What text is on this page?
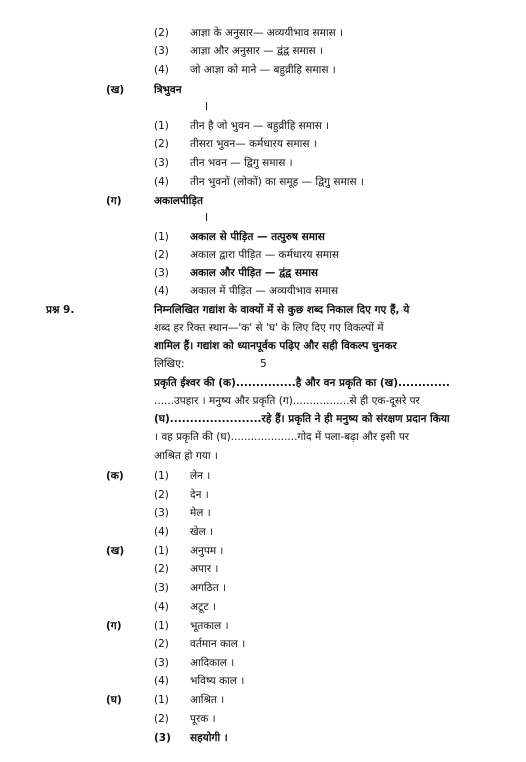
(2) आज्ञा के अनुसार— अव्ययीभाव समास ।
(3) आज्ञा और अनुसार — द्वंद्व समास ।
(4) जो आज्ञा को माने — बहुव्रीहि समास ।
(ख)	त्रिभुवन
I
(1) तीन है जो भुवन — बहुव्रीहि समास ।
(2) तीसरा भुवन— कर्मधारय समास ।
(3) तीन भवन — द्विगु समास ।
(4) तीन भुवनों (लोकों) का समूह — द्विगु समास ।
(ग)	अकालपीड़ित
I
(1) अकाल से पीड़ित — तत्पुरुष समास
(2) अकाल द्वारा पीड़ित — कर्मधारय समास
(3) अकाल और पीड़ित — द्वंद्व समास
(4) अकाल में पीड़ित — अव्ययीभाव समास
प्रश्न 9.	निम्नलिखित गद्यांश के वाक्यों में से कुछ शब्द निकाल दिए गए हैं, ये
शब्द हर रिक्त स्थान—'क' से 'घ' के लिए दिए गए विकल्पों में
शामिल हैं। गद्यांश को ध्यानपूर्वक पढ़िए और सही विकल्प चुनकर
लिखिए:	5
प्रकृति ईश्वर की (क)...............है और वन प्रकृति का (ख).............
......उपहार । मनुष्य और प्रकृति (ग).................से ही एक-दूसरे पर
(घ).......................रहे हैं। प्रकृति ने ही मनुष्य को संरक्षण प्रदान किया
। वह प्रकृति की (घ)....................गोद में पला-बढ़ा और इसी पर
आश्रित हो गया ।
(क)	(1) लेन ।
(2) देन ।
(3) मेल ।
(4) खेल ।
(ख)	(1) अनुपम ।
(2) अपार ।
(3) अगठित ।
(4) अटूट ।
(ग)	(1) भूतकाल ।
(2) वर्तमान काल ।
(3) आदिकाल ।
(4) भविष्य काल ।
(घ)	(1) आश्रित ।
(2) पूरक ।
(3) सहयोगी ।
